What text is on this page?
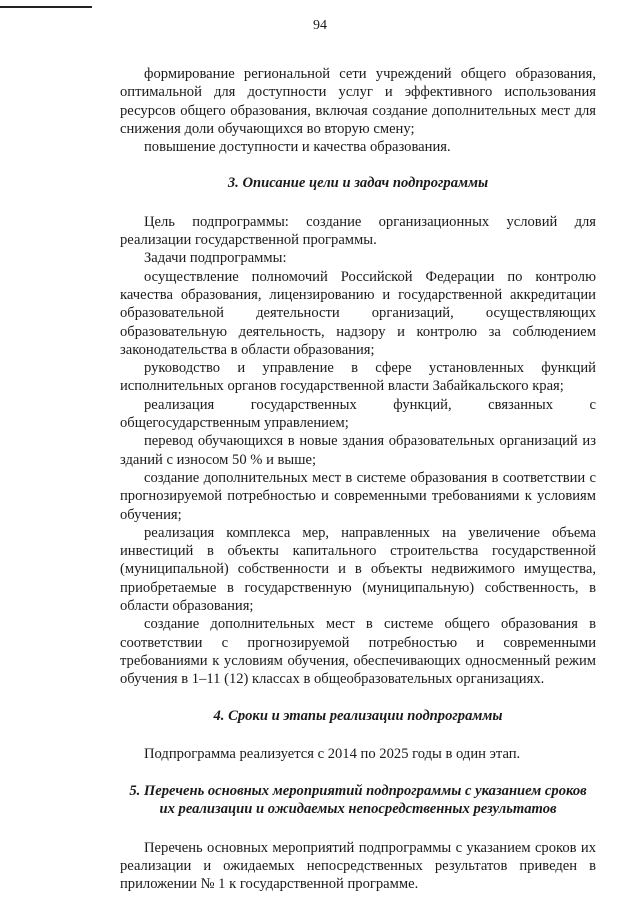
94

формирование региональной сети учреждений общего образования, оптимальной для доступности услуг и эффективного использования ресурсов общего образования, включая создание дополнительных мест для снижения доли обучающихся во вторую смену;

повышение доступности и качества образования.

3. Описание цели и задач подпрограммы

Цель подпрограммы: создание организационных условий для реализации государственной программы.

Задачи подпрограммы:

осуществление полномочий Российской Федерации по контролю качества образования, лицензированию и государственной аккредитации образовательной деятельности организаций, осуществляющих образовательную деятельность, надзору и контролю за соблюдением законодательства в области образования;

руководство и управление в сфере установленных функций исполнительных органов государственной власти Забайкальского края;

реализация государственных функций, связанных с общегосударственным управлением;

перевод обучающихся в новые здания образовательных организаций из зданий с износом 50 % и выше;

создание дополнительных мест в системе образования в соответствии с прогнозируемой потребностью и современными требованиями к условиям обучения;

реализация комплекса мер, направленных на увеличение объема инвестиций в объекты капитального строительства государственной (муниципальной) собственности и в объекты недвижимого имущества, приобретаемые в государственную (муниципальную) собственность, в области образования;

создание дополнительных мест в системе общего образования в соответствии с прогнозируемой потребностью и современными требованиями к условиям обучения, обеспечивающих односменный режим обучения в 1–11 (12) классах в общеобразовательных организациях.

4. Сроки и этапы реализации подпрограммы

Подпрограмма реализуется с 2014 по 2025 годы в один этап.

5. Перечень основных мероприятий подпрограммы с указанием сроков их реализации и ожидаемых непосредственных результатов

Перечень основных мероприятий подпрограммы с указанием сроков их реализации и ожидаемых непосредственных результатов приведен в приложении № 1 к государственной программе.
